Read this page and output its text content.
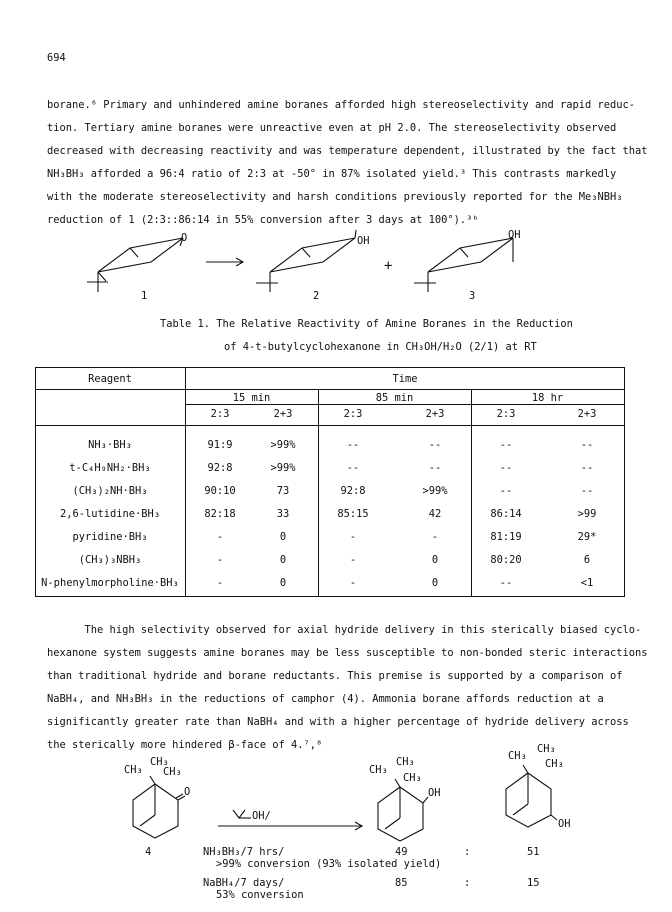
694
borane.⁶ Primary and unhindered amine boranes afforded high stereoselectivity and rapid reduc-
tion. Tertiary amine boranes were unreactive even at pH 2.0. The stereoselectivity observed
decreased with decreasing reactivity and was temperature dependent, illustrated by the fact that
NH₃BH₃ afforded a 96:4 ratio of 2:3 at -50° in 87% isolated yield.³ This contrasts markedly
with the moderate stereoselectivity and harsh conditions previously reported for the Me₃NBH₃
reduction of 1 (2:3::86:14 in 55% conversion after 3 days at 100°).³ᵇ
O
1
OH
2
+
OH
3
Table 1. The Relative Reactivity of Amine Boranes in the Reduction
of 4-t-butylcyclohexanone in CH₃OH/H₂O (2/1) at RT
Reagent	Time
15 min	85 min	18 hr
2:3	2+3	2:3	2+3	2:3	2+3
NH₃·BH₃	91:9	>99%	--	--	--	--
t-C₄H₉NH₂·BH₃	92:8	>99%	--	--	--	--
(CH₃)₂NH·BH₃	90:10	73	92:8	>99%	--	--
2,6-lutidine·BH₃	82:18	33	85:15	42	86:14	>99
pyridine·BH₃	-	0	-	-	81:19	29*
(CH₃)₃NBH₃	-	0	-	0	80:20	6
N-phenylmorpholine·BH₃	-	0	-	0	--	<1
The high selectivity observed for axial hydride delivery in this sterically biased cyclo-
hexanone system suggests amine boranes may be less susceptible to non-bonded steric interactions
than traditional hydride and borane reductants. This premise is supported by a comparison of
NaBH₄, and NH₃BH₃ in the reductions of camphor (4). Ammonia borane affords reduction at a
significantly greater rate than NaBH₄ and with a higher percentage of hydride delivery across
the sterically more hindered β-face of 4.⁷,⁸
CH₃
CH₃
CH₃
O
4
OH/
CH₃
CH₃
CH₃
OH
CH₃
CH₃
CH₃
OH
NH₃BH₃/7 hrs/
>99% conversion (93% isolated yield)
49	:	51
NaBH₄/7 days/
53% conversion
85	:	15
